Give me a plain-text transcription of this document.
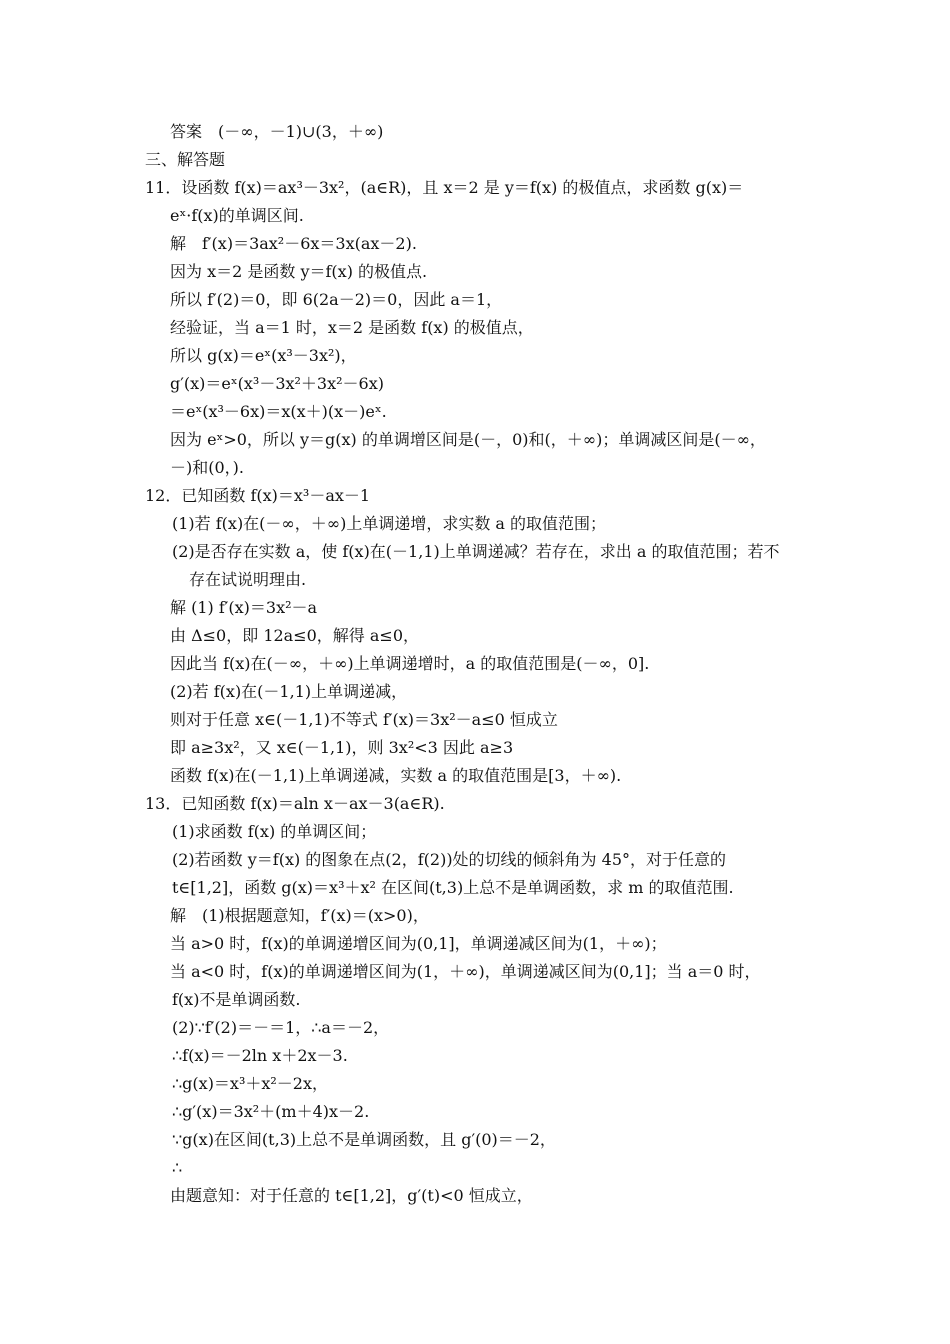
答案　(－∞，－1)∪(3，＋∞)
三、解答题
11．设函数 f(x)＝ax³－3x²，(a∈R)，且 x＝2 是 y＝f(x) 的极值点，求函数 g(x)＝
eˣ·f(x)的单调区间.
解　f′(x)＝3ax²－6x＝3x(ax－2).
因为 x＝2 是函数 y＝f(x) 的极值点.
所以 f′(2)＝0，即 6(2a－2)＝0，因此 a＝1，
经验证，当 a＝1 时，x＝2 是函数 f(x) 的极值点，
所以 g(x)＝eˣ(x³－3x²)，
g′(x)＝eˣ(x³－3x²＋3x²－6x)
＝eˣ(x³－6x)＝x(x＋)(x－)eˣ.
因为 eˣ>0，所以 y＝g(x) 的单调增区间是(－，0)和(，＋∞)；单调减区间是(－∞，
－)和(0，).
12．已知函数 f(x)＝x³－ax－1
(1)若 f(x)在(－∞，＋∞)上单调递增，求实数 a 的取值范围；
(2)是否存在实数 a，使 f(x)在(－1,1)上单调递减？若存在，求出 a 的取值范围；若不
存在试说明理由.
解 (1) f′(x)＝3x²－a
由 Δ≤0，即 12a≤0，解得 a≤0，
因此当 f(x)在(－∞，＋∞)上单调递增时，a 的取值范围是(－∞，0].
(2)若 f(x)在(－1,1)上单调递减，
则对于任意 x∈(－1,1)不等式 f′(x)＝3x²－a≤0 恒成立
即 a≥3x²，又 x∈(－1,1)，则 3x²<3 因此 a≥3
函数 f(x)在(－1,1)上单调递减，实数 a 的取值范围是[3，＋∞).
13．已知函数 f(x)＝aln x－ax－3(a∈R).
(1)求函数 f(x) 的单调区间；
(2)若函数 y＝f(x) 的图象在点(2，f(2))处的切线的倾斜角为 45°，对于任意的
t∈[1,2]，函数 g(x)＝x³＋x² 在区间(t,3)上总不是单调函数，求 m 的取值范围.
解　(1)根据题意知，f′(x)＝(x>0)，
当 a>0 时，f(x)的单调递增区间为(0,1]，单调递减区间为(1，＋∞)；
当 a<0 时，f(x)的单调递增区间为(1，＋∞)，单调递减区间为(0,1]；当 a＝0 时，
f(x)不是单调函数.
(2)∵f′(2)＝－＝1，∴a＝－2，
∴f(x)＝－2ln x＋2x－3.
∴g(x)＝x³＋x²－2x，
∴g′(x)＝3x²＋(m＋4)x－2.
∵g(x)在区间(t,3)上总不是单调函数，且 g′(0)＝－2，
∴
由题意知：对于任意的 t∈[1,2]，g′(t)<0 恒成立，
